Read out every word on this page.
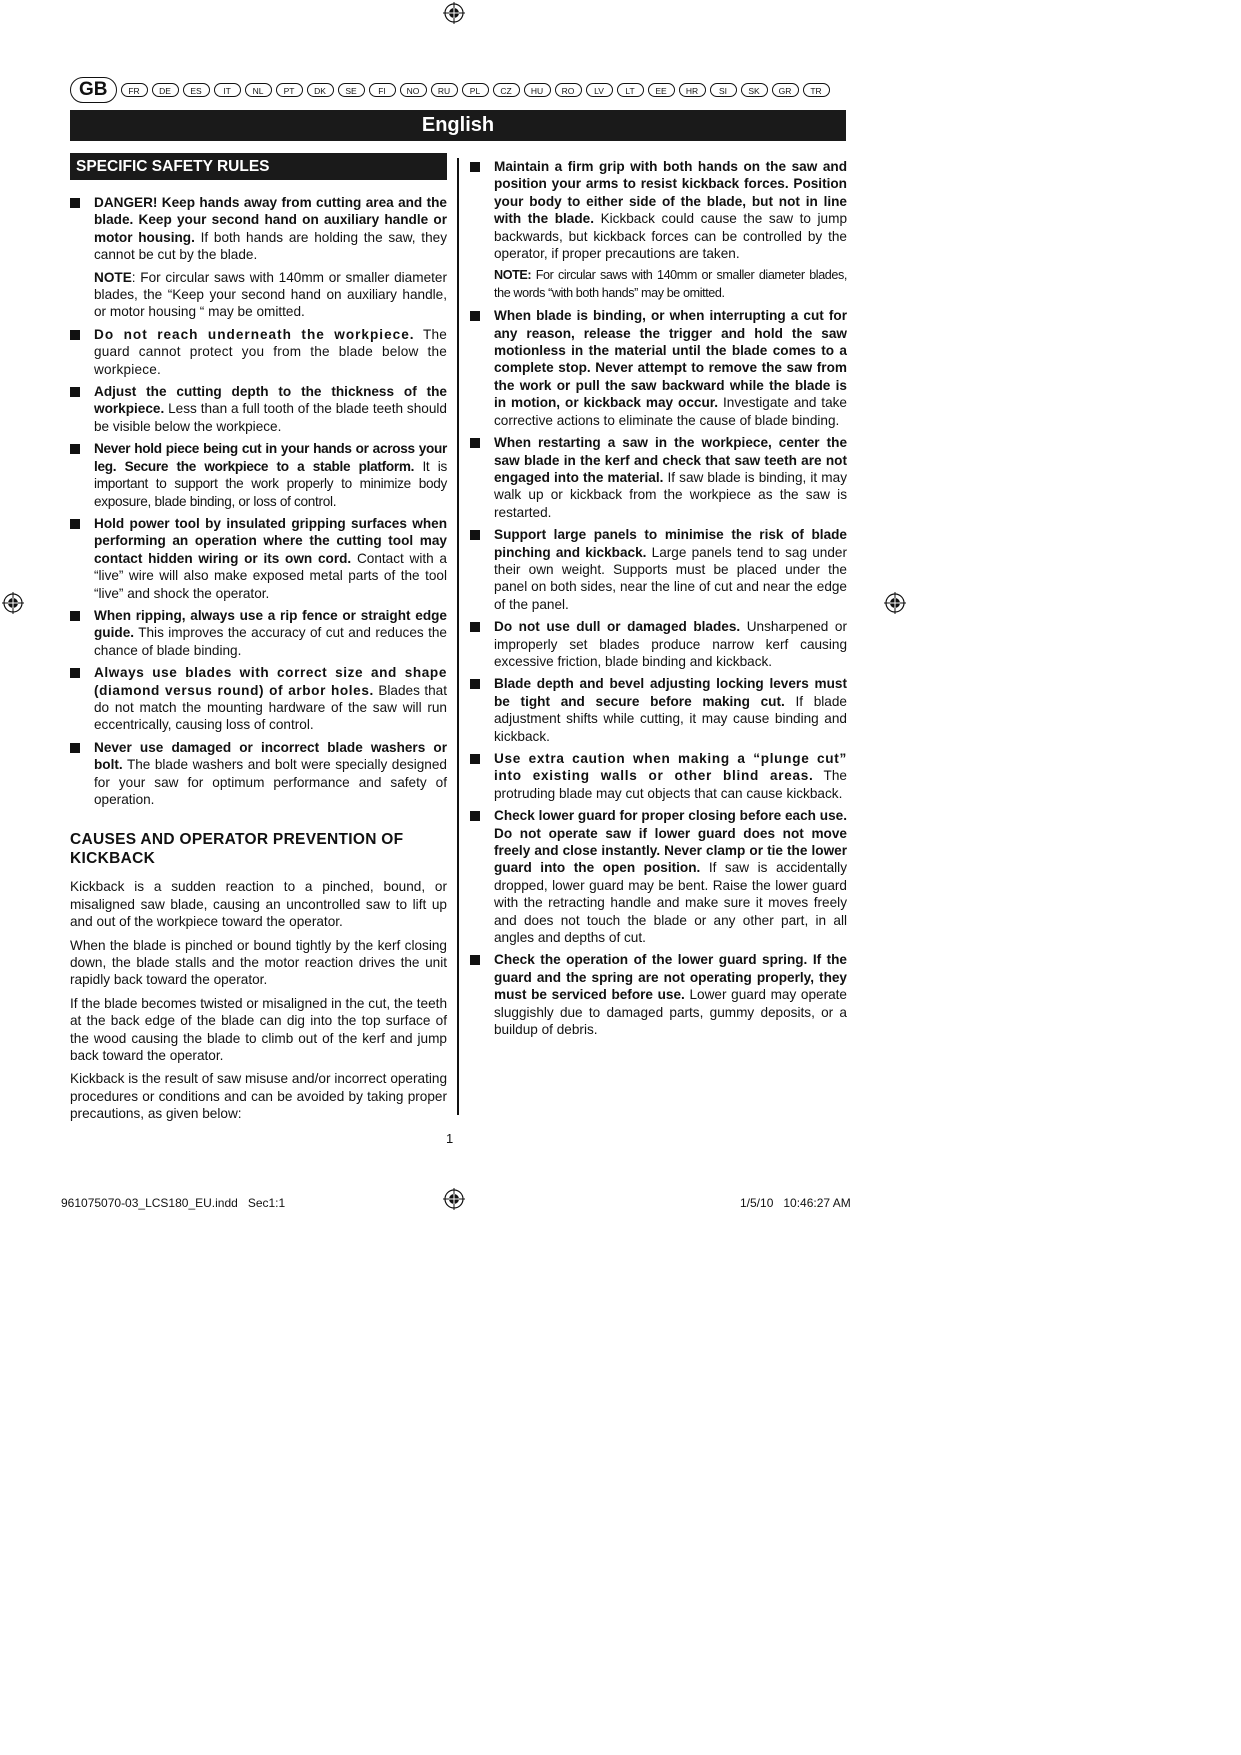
GB	FR	DE	ES	IT	NL	PT	DK	SE	FI	NO	RU	PL	CZ	HU	RO	LV	LT	EE	HR	SI	SK	GR	TR
English
SPECIFIC SAFETY RULES
DANGER! Keep hands away from cutting area and the blade. Keep your second hand on auxiliary handle or motor housing. If both hands are holding the saw, they cannot be cut by the blade.
NOTE: For circular saws with 140mm or smaller diameter blades, the “Keep your second hand on auxiliary handle, or motor housing “ may be omitted.
Do not reach underneath the workpiece. The guard cannot protect you from the blade below the workpiece.
Adjust the cutting depth to the thickness of the workpiece. Less than a full tooth of the blade teeth should be visible below the workpiece.
Never hold piece being cut in your hands or across your leg. Secure the workpiece to a stable platform. It is important to support the work properly to minimize body exposure, blade binding, or loss of control.
Hold power tool by insulated gripping surfaces when performing an operation where the cutting tool may contact hidden wiring or its own cord. Contact with a “live” wire will also make exposed metal parts of the tool “live” and shock the operator.
When ripping, always use a rip fence or straight edge guide. This improves the accuracy of cut and reduces the chance of blade binding.
Always use blades with correct size and shape (diamond versus round) of arbor holes. Blades that do not match the mounting hardware of the saw will run eccentrically, causing loss of control.
Never use damaged or incorrect blade washers or bolt. The blade washers and bolt were specially designed for your saw for optimum performance and safety of operation.
CAUSES AND OPERATOR PREVENTION OF KICKBACK
Kickback is a sudden reaction to a pinched, bound, or misaligned saw blade, causing an uncontrolled saw to lift up and out of the workpiece toward the operator.
When the blade is pinched or bound tightly by the kerf closing down, the blade stalls and the motor reaction drives the unit rapidly back toward the operator.
If the blade becomes twisted or misaligned in the cut, the teeth at the back edge of the blade can dig into the top surface of the wood causing the blade to climb out of the kerf and jump back toward the operator.
Kickback is the result of saw misuse and/or incorrect operating procedures or conditions and can be avoided by taking proper precautions, as given below:
Maintain a firm grip with both hands on the saw and position your arms to resist kickback forces. Position your body to either side of the blade, but not in line with the blade. Kickback could cause the saw to jump backwards, but kickback forces can be controlled by the operator, if proper precautions are taken.
NOTE: For circular saws with 140mm or smaller diameter blades, the words “with both hands” may be omitted.
When blade is binding, or when interrupting a cut for any reason, release the trigger and hold the saw motionless in the material until the blade comes to a complete stop. Never attempt to remove the saw from the work or pull the saw backward while the blade is in motion, or kickback may occur. Investigate and take corrective actions to eliminate the cause of blade binding.
When restarting a saw in the workpiece, center the saw blade in the kerf and check that saw teeth are not engaged into the material. If saw blade is binding, it may walk up or kickback from the workpiece as the saw is restarted.
Support large panels to minimise the risk of blade pinching and kickback. Large panels tend to sag under their own weight. Supports must be placed under the panel on both sides, near the line of cut and near the edge of the panel.
Do not use dull or damaged blades. Unsharpened or improperly set blades produce narrow kerf causing excessive friction, blade binding and kickback.
Blade depth and bevel adjusting locking levers must be tight and secure before making cut. If blade adjustment shifts while cutting, it may cause binding and kickback.
Use extra caution when making a “plunge cut” into existing walls or other blind areas. The protruding blade may cut objects that can cause kickback.
Check lower guard for proper closing before each use. Do not operate saw if lower guard does not move freely and close instantly. Never clamp or tie the lower guard into the open position. If saw is accidentally dropped, lower guard may be bent. Raise the lower guard with the retracting handle and make sure it moves freely and does not touch the blade or any other part, in all angles and depths of cut.
Check the operation of the lower guard spring. If the guard and the spring are not operating properly, they must be serviced before use. Lower guard may operate sluggishly due to damaged parts, gummy deposits, or a buildup of debris.
1
961075070-03_LCS180_EU.indd   Sec1:1	1/5/10   10:46:27 AM
